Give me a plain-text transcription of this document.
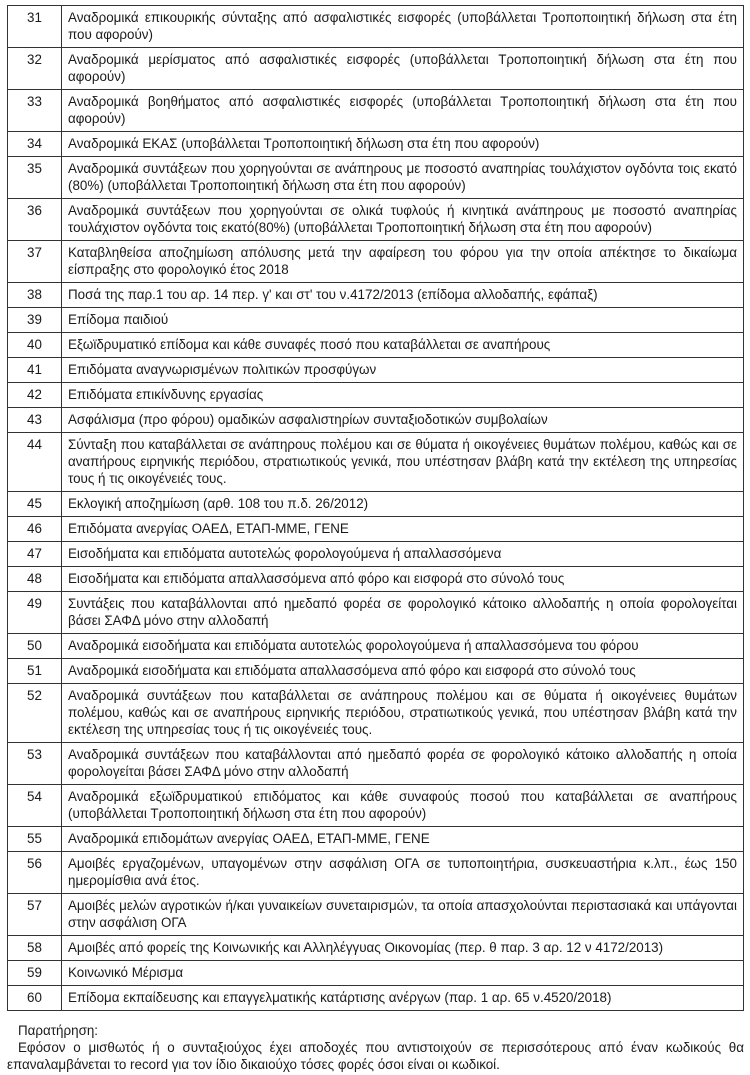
31	Αναδρομικά επικουρικής σύνταξης από ασφαλιστικές εισφορές (υποβάλλεται Τροποποιητική δήλωση στα έτη που αφορούν)
32	Αναδρομικά μερίσματος από ασφαλιστικές εισφορές (υποβάλλεται Τροποποιητική δήλωση στα έτη που αφορούν)
33	Αναδρομικά βοηθήματος από ασφαλιστικές εισφορές (υποβάλλεται Τροποποιητική δήλωση στα έτη που αφορούν)
34	Αναδρομικά ΕΚΑΣ (υποβάλλεται Τροποποιητική δήλωση στα έτη που αφορούν)
35	Αναδρομικά συντάξεων που χορηγούνται σε ανάπηρους με ποσοστό αναπηρίας τουλάχιστον ογδόντα τοις εκατό (80%) (υποβάλλεται Τροποποιητική δήλωση στα έτη που αφορούν)
36	Αναδρομικά συντάξεων που χορηγούνται σε ολικά τυφλούς ή κινητικά ανάπηρους με ποσοστό αναπηρίας τουλάχιστον ογδόντα τοις εκατό(80%) (υποβάλλεται Τροποποιητική δήλωση στα έτη που αφορούν)
37	Καταβληθείσα αποζημίωση απόλυσης μετά την αφαίρεση του φόρου για την οποία απέκτησε το δικαίωμα είσπραξης στο φορολογικό έτος 2018
38	Ποσά της παρ.1 του αρ. 14 περ. γ' και στ' του ν.4172/2013 (επίδομα αλλοδαπής, εφάπαξ)
39	Επίδομα παιδιού
40	Εξωϊδρυματικό επίδομα και κάθε συναφές ποσό που καταβάλλεται σε αναπήρους
41	Επιδόματα αναγνωρισμένων πολιτικών προσφύγων
42	Επιδόματα επικίνδυνης εργασίας
43	Ασφάλισμα (προ φόρου) ομαδικών ασφαλιστηρίων συνταξιοδοτικών συμβολαίων
44	Σύνταξη που καταβάλλεται σε ανάπηρους πολέμου και σε θύματα ή οικογένειες θυμάτων πολέμου, καθώς και σε αναπήρους ειρηνικής περιόδου, στρατιωτικούς γενικά, που υπέστησαν βλάβη κατά την εκτέλεση της υπηρεσίας τους ή τις οικογένειές τους.
45	Εκλογική αποζημίωση (αρθ. 108 του π.δ. 26/2012)
46	Επιδόματα ανεργίας ΟΑΕΔ, ΕΤΑΠ-ΜΜΕ, ΓΕΝΕ
47	Εισοδήματα και επιδόματα αυτοτελώς φορολογούμενα ή απαλλασσόμενα
48	Εισοδήματα και επιδόματα απαλλασσόμενα από φόρο και εισφορά στο σύνολό τους
49	Συντάξεις που καταβάλλονται από ημεδαπό φορέα σε φορολογικό κάτοικο αλλοδαπής η οποία φορολογείται βάσει ΣΑΦΔ μόνο στην αλλοδαπή
50	Αναδρομικά εισοδήματα και επιδόματα αυτοτελώς φορολογούμενα ή απαλλασσόμενα του φόρου
51	Αναδρομικά εισοδήματα και επιδόματα απαλλασσόμενα από φόρο και εισφορά στο σύνολό τους
52	Αναδρομικά συντάξεων που καταβάλλεται σε ανάπηρους πολέμου και σε θύματα ή οικογένειες θυμάτων πολέμου, καθώς και σε αναπήρους ειρηνικής περιόδου, στρατιωτικούς γενικά, που υπέστησαν βλάβη κατά την εκτέλεση της υπηρεσίας τους ή τις οικογένειές τους.
53	Αναδρομικά συντάξεων που καταβάλλονται από ημεδαπό φορέα σε φορολογικό κάτοικο αλλοδαπής η οποία φορολογείται βάσει ΣΑΦΔ μόνο στην αλλοδαπή
54	Αναδρομικά εξωϊδρυματικού επιδόματος και κάθε συναφούς ποσού που καταβάλλεται σε αναπήρους (υποβάλλεται Τροποποιητική δήλωση στα έτη που αφορούν)
55	Αναδρομικά επιδομάτων ανεργίας ΟΑΕΔ, ΕΤΑΠ-ΜΜΕ, ΓΕΝΕ
56	Αμοιβές εργαζομένων, υπαγομένων στην ασφάλιση ΟΓΑ σε τυποποιητήρια, συσκευαστήρια κ.λπ., έως 150 ημερομίσθια ανά έτος.
57	Αμοιβές μελών αγροτικών ή/και γυναικείων συνεταιρισμών, τα οποία απασχολούνται περιστασιακά και υπάγονται στην ασφάλιση ΟΓΑ
58	Αμοιβές από φορείς της Κοινωνικής και Αλληλέγγυας Οικονομίας (περ. θ παρ. 3 αρ. 12 ν 4172/2013)
59	Κοινωνικό Μέρισμα
60	Επίδομα εκπαίδευσης και επαγγελματικής κατάρτισης ανέργων (παρ. 1 αρ. 65 ν.4520/2018)
Παρατήρηση:
Εφόσον ο μισθωτός ή ο συνταξιούχος έχει αποδοχές που αντιστοιχούν σε περισσότερους από έναν κωδικούς θα επαναλαμβάνεται το record για τον ίδιο δικαιούχο τόσες φορές όσοι είναι οι κωδικοί.
